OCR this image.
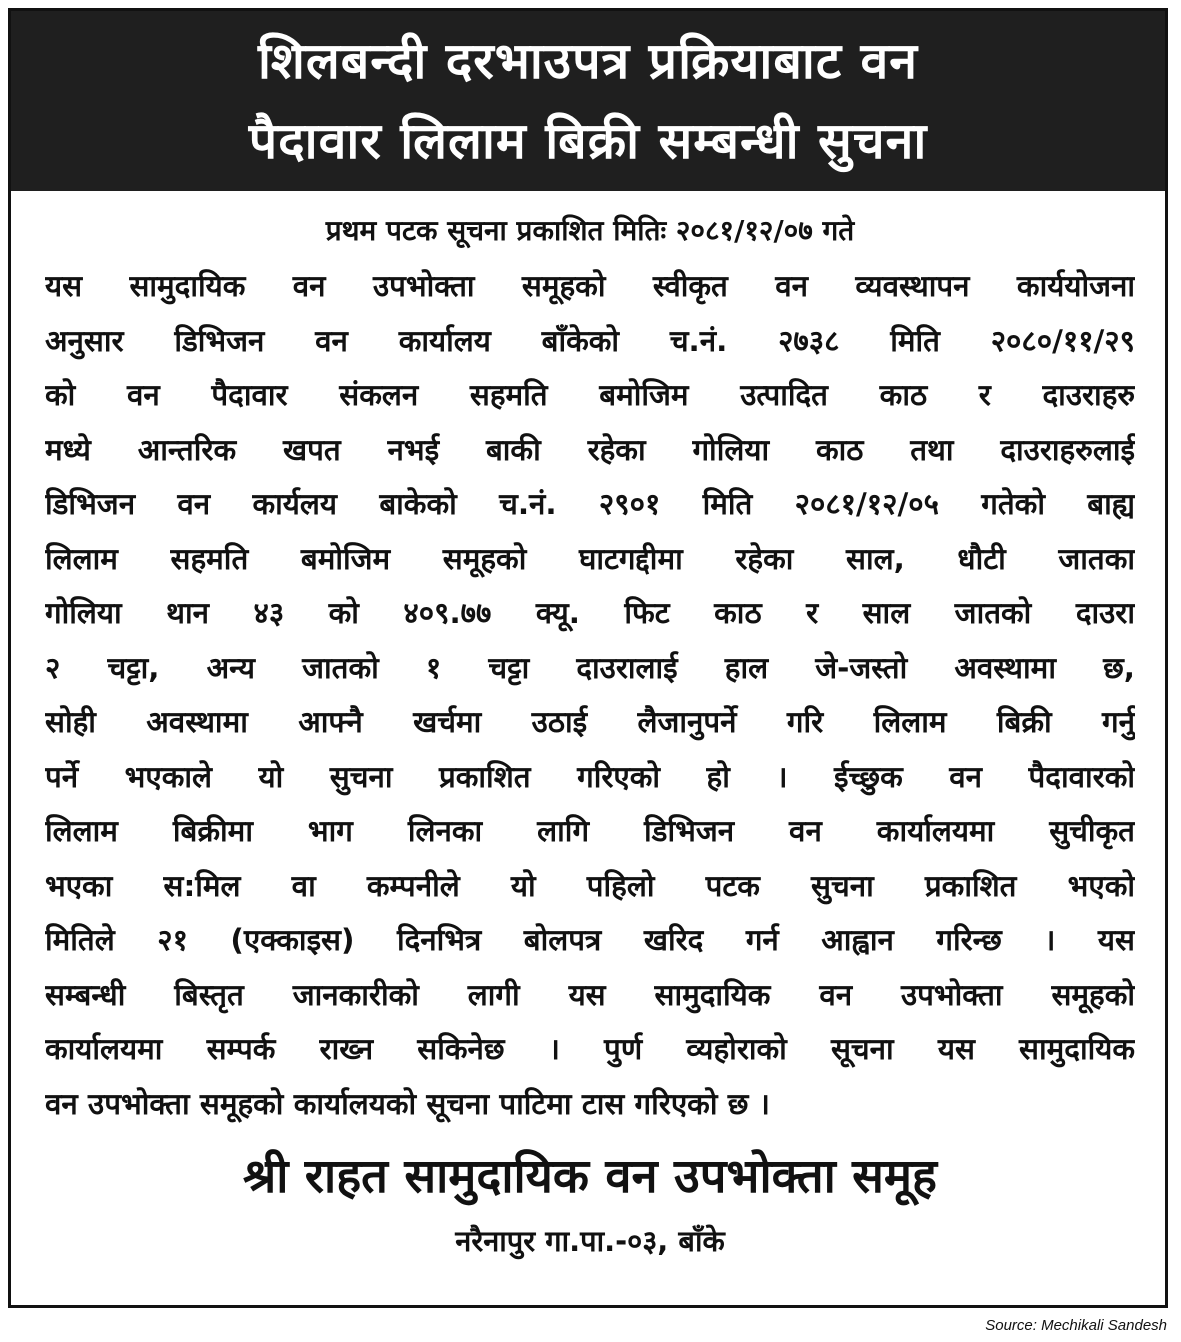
शिलबन्दी दरभाउपत्र प्रक्रियाबाट वन
पैदावार लिलाम बिक्री सम्बन्धी सुचना
प्रथम पटक सूचना प्रकाशित मितिः २०८१/१२/०७ गते
यस सामुदायिक वन उपभोक्ता समूहको स्वीकृत वन व्यवस्थापन कार्ययोजना
अनुसार डिभिजन वन कार्यालय बाँकेको च.नं. २७३८ मिति २०८०/११/२९
को वन पैदावार संकलन सहमति बमोजिम उत्पादित काठ र दाउराहरु
मध्ये आन्तरिक खपत नभई बाकी रहेका गोलिया काठ तथा दाउराहरुलाई
डिभिजन वन कार्यलय बाकेको च.नं. २९०१ मिति २०८१/१२/०५ गतेको बाह्य
लिलाम सहमति बमोजिम समूहको घाटगद्दीमा रहेका साल, धौटी जातका
गोलिया थान ४३ को ४०९.७७ क्यू. फिट काठ र साल जातको दाउरा
२ चट्टा, अन्य जातको १ चट्टा दाउरालाई हाल जे-जस्तो अवस्थामा छ,
सोही अवस्थामा आफ्नै खर्चमा उठाई लैजानुपर्ने गरि लिलाम बिक्री गर्नु
पर्ने भएकाले यो सुचना प्रकाशित गरिएको हो । ईच्छुक वन पैदावारको
लिलाम बिक्रीमा भाग लिनका लागि डिभिजन वन कार्यालयमा सुचीकृत
भएका स:मिल वा कम्पनीले यो पहिलो पटक सुचना प्रकाशित भएको
मितिले २१ (एक्काइस) दिनभित्र बोलपत्र खरिद गर्न आह्वान गरिन्छ । यस
सम्बन्धी बिस्तृत जानकारीको लागी यस सामुदायिक वन उपभोक्ता समूहको
कार्यालयमा सम्पर्क राख्न सकिनेछ । पुर्ण व्यहोराको सूचना यस सामुदायिक
वन उपभोक्ता समूहको कार्यालयको सूचना पाटिमा टास गरिएको छ ।
श्री राहत सामुदायिक वन उपभोक्ता समूह
नरैनापुर गा.पा.-०३, बाँके
Source: Mechikali Sandesh
